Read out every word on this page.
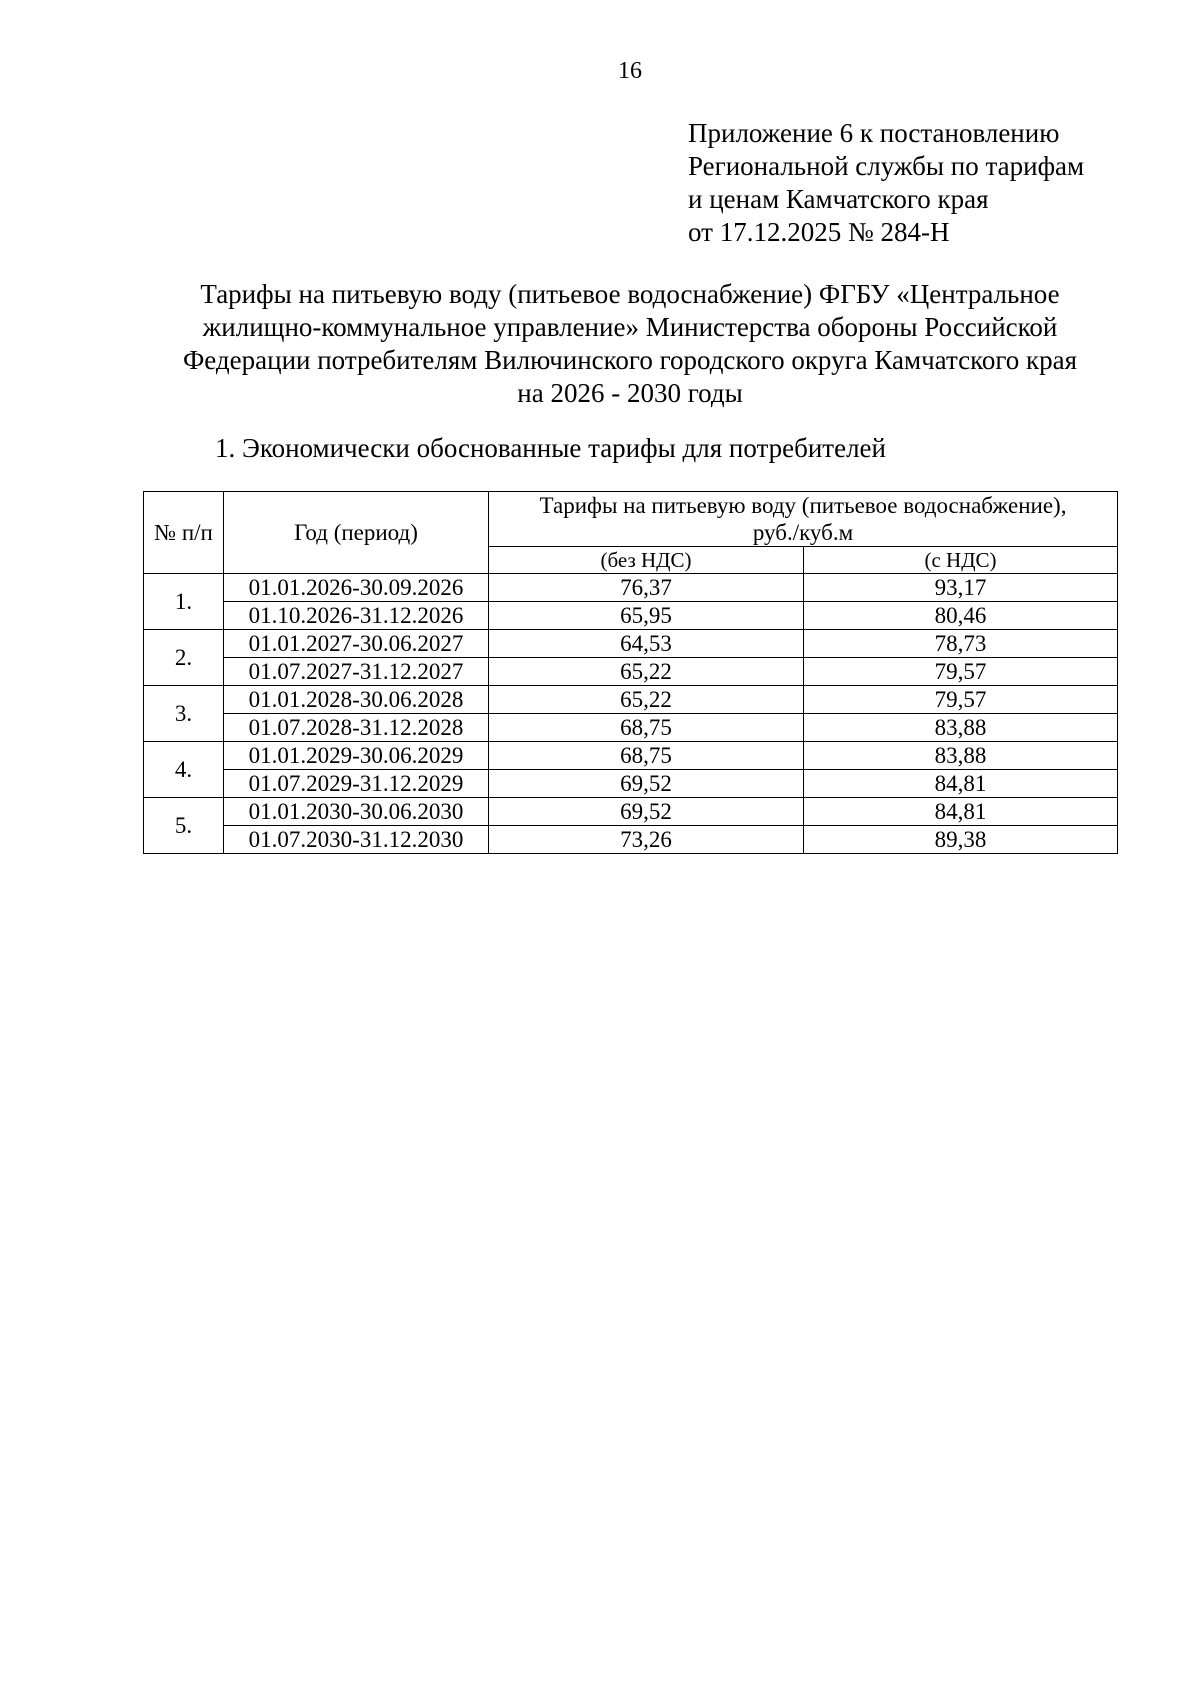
16
Приложение 6 к постановлению
Региональной службы по тарифам
и ценам Камчатского края
от 17.12.2025 № 284-Н
Тарифы на питьевую воду (питьевое водоснабжение) ФГБУ «Центральное
жилищно-коммунальное управление» Министерства обороны Российской
Федерации потребителям Вилючинского городского округа Камчатского края
на 2026 - 2030 годы
1. Экономически обоснованные тарифы для потребителей
№ п/п	Год (период)	Тарифы на питьевую воду (питьевое водоснабжение),
руб./куб.м	
		(без НДС)	(с НДС)
1.	01.01.2026-30.09.2026	76,37	93,17
	01.10.2026-31.12.2026	65,95	80,46
2.	01.01.2027-30.06.2027	64,53	78,73
	01.07.2027-31.12.2027	65,22	79,57
3.	01.01.2028-30.06.2028	65,22	79,57
	01.07.2028-31.12.2028	68,75	83,88
4.	01.01.2029-30.06.2029	68,75	83,88
	01.07.2029-31.12.2029	69,52	84,81
5.	01.01.2030-30.06.2030	69,52	84,81
	01.07.2030-31.12.2030	73,26	89,38
